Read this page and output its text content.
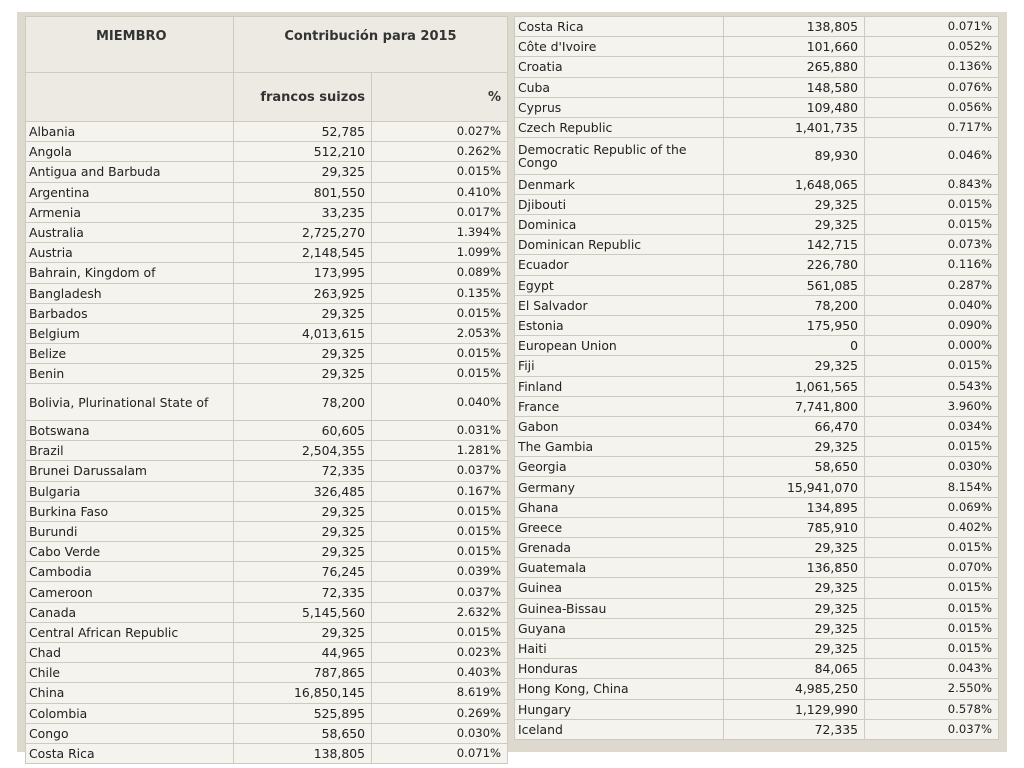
MIEMBRO	Contribución para 2015	
	francos suizos	%
Albania	52,785	0.027%
Angola	512,210	0.262%
Antigua and Barbuda	29,325	0.015%
Argentina	801,550	0.410%
Armenia	33,235	0.017%
Australia	2,725,270	1.394%
Austria	2,148,545	1.099%
Bahrain, Kingdom of	173,995	0.089%
Bangladesh	263,925	0.135%
Barbados	29,325	0.015%
Belgium	4,013,615	2.053%
Belize	29,325	0.015%
Benin	29,325	0.015%
Bolivia, Plurinational State of	78,200	0.040%
Botswana	60,605	0.031%
Brazil	2,504,355	1.281%
Brunei Darussalam	72,335	0.037%
Bulgaria	326,485	0.167%
Burkina Faso	29,325	0.015%
Burundi	29,325	0.015%
Cabo Verde	29,325	0.015%
Cambodia	76,245	0.039%
Cameroon	72,335	0.037%
Canada	5,145,560	2.632%
Central African Republic	29,325	0.015%
Chad	44,965	0.023%
Chile	787,865	0.403%
China	16,850,145	8.619%
Colombia	525,895	0.269%
Congo	58,650	0.030%
Costa Rica	138,805	0.071%
Costa Rica	138,805	0.071%
Côte d'Ivoire	101,660	0.052%
Croatia	265,880	0.136%
Cuba	148,580	0.076%
Cyprus	109,480	0.056%
Czech Republic	1,401,735	0.717%
Democratic Republic of the Congo	89,930	0.046%
Denmark	1,648,065	0.843%
Djibouti	29,325	0.015%
Dominica	29,325	0.015%
Dominican Republic	142,715	0.073%
Ecuador	226,780	0.116%
Egypt	561,085	0.287%
El Salvador	78,200	0.040%
Estonia	175,950	0.090%
European Union	0	0.000%
Fiji	29,325	0.015%
Finland	1,061,565	0.543%
France	7,741,800	3.960%
Gabon	66,470	0.034%
The Gambia	29,325	0.015%
Georgia	58,650	0.030%
Germany	15,941,070	8.154%
Ghana	134,895	0.069%
Greece	785,910	0.402%
Grenada	29,325	0.015%
Guatemala	136,850	0.070%
Guinea	29,325	0.015%
Guinea-Bissau	29,325	0.015%
Guyana	29,325	0.015%
Haiti	29,325	0.015%
Honduras	84,065	0.043%
Hong Kong, China	4,985,250	2.550%
Hungary	1,129,990	0.578%
Iceland	72,335	0.037%
